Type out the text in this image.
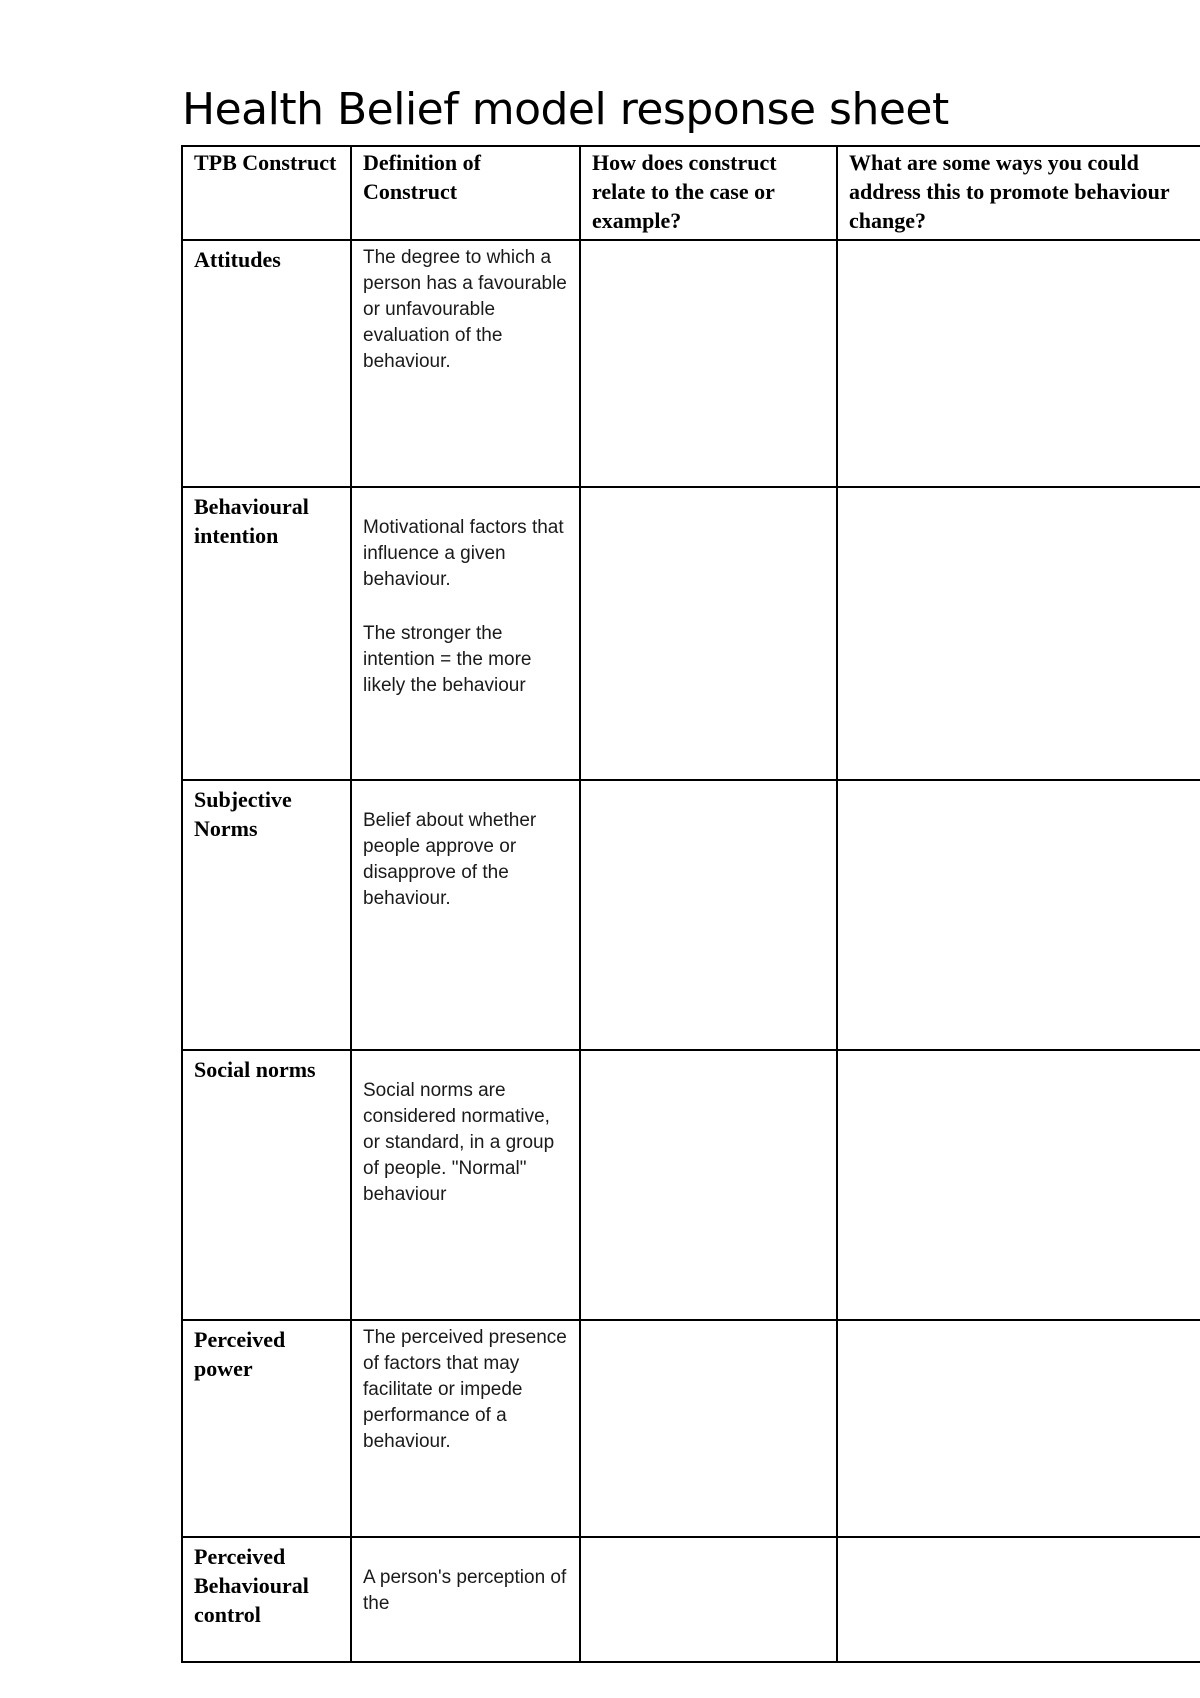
Health Belief model response sheet
TPB Construct	Definition of Construct	How does construct relate to the case or example?	What are some ways you could address this to promote behaviour change?
Attitudes	The degree to which a person has a favourable or unfavourable evaluation of the behaviour.		

Behavioural intention	Motivational factors that influence a given behaviour.

The stronger the intention = the more likely the behaviour		

Subjective Norms	Belief about whether people approve or disapprove of the behaviour.		

Social norms	Social norms are considered normative, or standard, in a group of people. "Normal" behaviour		

Perceived power	The perceived presence of factors that may facilitate or impede performance of a behaviour.		

Perceived Behavioural control	A person's perception of the		
